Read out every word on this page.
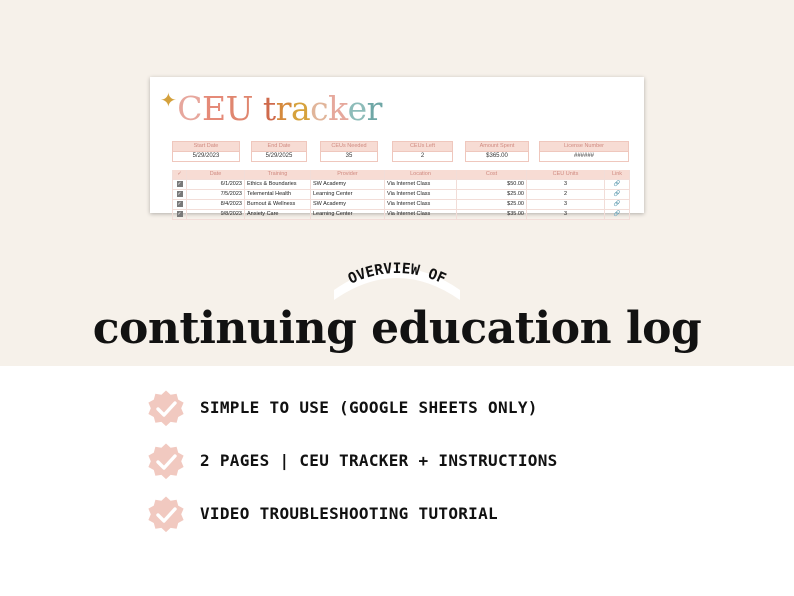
✦CEU tracker
Start Date
5/29/2023
End Date
5/29/2025
CEUs Needed
35
CEUs Left
2
Amount Spent
$365.00
License Number
######
✓	Date	Training	Provider	Location	Cost	CEU Units	Link
✓	6/1/2023 Ethics & Boundaries	SW Academy	Via Internet Class	$50.00	3	🔗
✓	7/5/2023 Telemental Health	Learning Center	Via Internet Class	$25.00	2	🔗
✓	8/4/2023 Burnout & Wellness	SW Academy	Via Internet Class	$25.00	3	🔗
✓	9/8/2023 Anxiety Care	Learning Center	Via Internet Class	$35.00	3	🔗
OVERVIEW OF
continuing education log
SIMPLE TO USE (GOOGLE SHEETS ONLY)
2 PAGES | CEU TRACKER + INSTRUCTIONS
VIDEO TROUBLESHOOTING TUTORIAL
